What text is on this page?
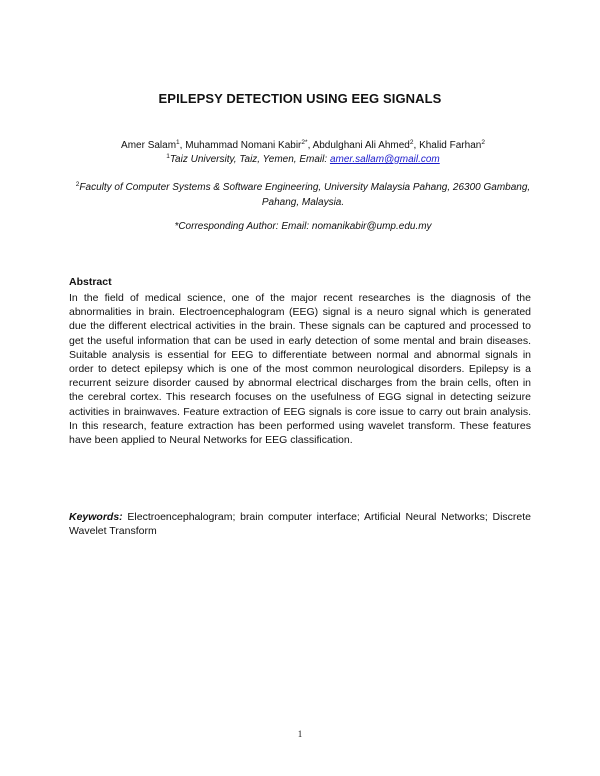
EPILEPSY DETECTION USING EEG SIGNALS
Amer Salam$^1$, Muhammad Nomani Kabir$^{2*}$, Abdulghani Ali Ahmed$^2$, Khalid Farhan$^2$
$^1$Taiz University, Taiz, Yemen, Email: amer.sallam@gmail.com
$^2$Faculty of Computer Systems & Software Engineering, University Malaysia Pahang, 26300 Gambang, Pahang, Malaysia.
*Corresponding Author: Email: nomanikabir@ump.edu.my
Abstract
In the field of medical science, one of the major recent researches is the diagnosis of the abnormalities in brain. Electroencephalogram (EEG) signal is a neuro signal which is generated due the different electrical activities in the brain. These signals can be captured and processed to get the useful information that can be used in early detection of some mental and brain diseases. Suitable analysis is essential for EEG to differentiate between normal and abnormal signals in order to detect epilepsy which is one of the most common neurological disorders. Epilepsy is a recurrent seizure disorder caused by abnormal electrical discharges from the brain cells, often in the cerebral cortex. This research focuses on the usefulness of EGG signal in detecting seizure activities in brainwaves. Feature extraction of EEG signals is core issue to carry out brain analysis. In this research, feature extraction has been performed using wavelet transform. These features have been applied to Neural Networks for EEG classification.
Keywords: Electroencephalogram; brain computer interface; Artificial Neural Networks; Discrete Wavelet Transform
1
